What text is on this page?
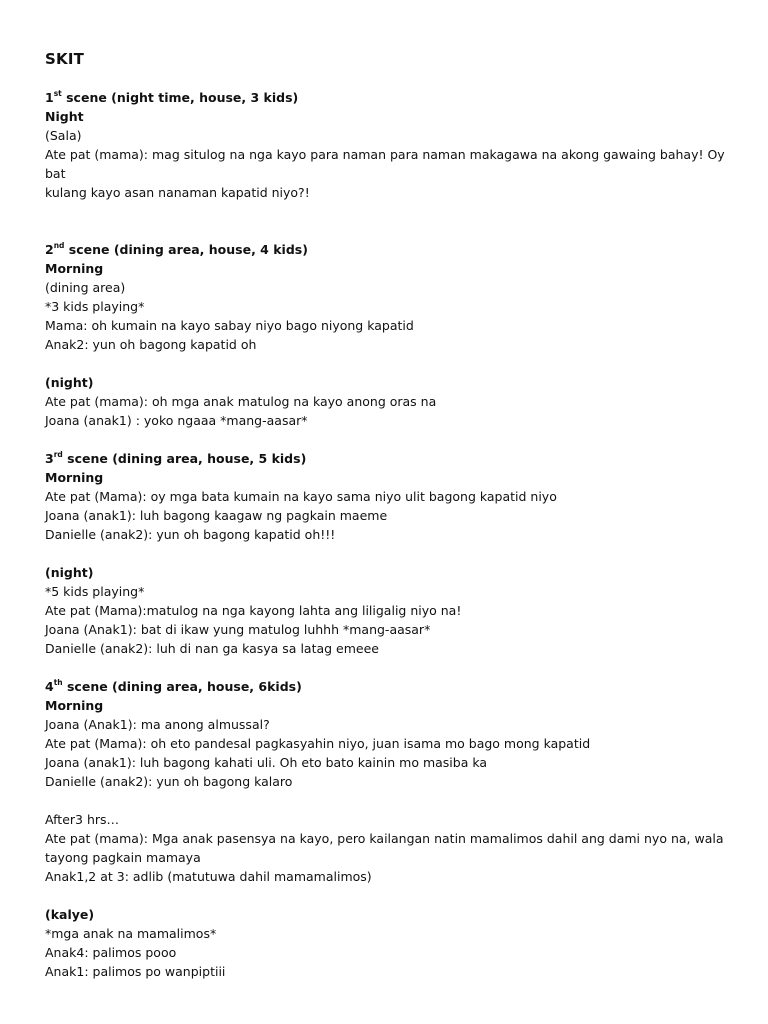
SKIT
1st scene (night time, house, 3 kids)
Night
(Sala)
Ate pat (mama): mag situlog na nga kayo para naman para naman makagawa na akong gawaing bahay! Oy bat
kulang kayo asan nanaman kapatid niyo?!
2nd scene (dining area, house, 4 kids)
Morning
(dining area)
*3 kids playing*
Mama: oh kumain na kayo sabay niyo bago niyong kapatid
Anak2: yun oh bagong kapatid oh
(night)
Ate pat (mama): oh mga anak matulog na kayo anong oras na
Joana (anak1) : yoko ngaaa *mang-aasar*
3rd scene (dining area, house, 5 kids)
Morning
Ate pat (Mama): oy mga bata kumain na kayo sama niyo ulit bagong kapatid niyo
Joana (anak1): luh bagong kaagaw ng pagkain maeme
Danielle (anak2): yun oh bagong kapatid oh!!!
(night)
*5 kids playing*
Ate pat (Mama):matulog na nga kayong lahta ang liligalig niyo na!
Joana (Anak1): bat di ikaw yung matulog luhhh *mang-aasar*
Danielle (anak2): luh di nan ga kasya sa latag emeee
4th scene (dining area, house, 6kids)
Morning
Joana (Anak1): ma anong almussal?
Ate pat (Mama): oh eto pandesal pagkasyahin niyo, juan isama mo bago mong kapatid
Joana (anak1): luh bagong kahati uli. Oh eto bato kainin mo masiba ka
Danielle (anak2): yun oh bagong kalaro
After3 hrs…
Ate pat (mama): Mga anak pasensya na kayo, pero kailangan natin mamalimos dahil ang dami nyo na, wala
tayong pagkain mamaya
Anak1,2 at 3: adlib (matutuwa dahil mamamalimos)
(kalye)
*mga anak na mamalimos*
Anak4: palimos pooo
Anak1: palimos po wanpiptiii
